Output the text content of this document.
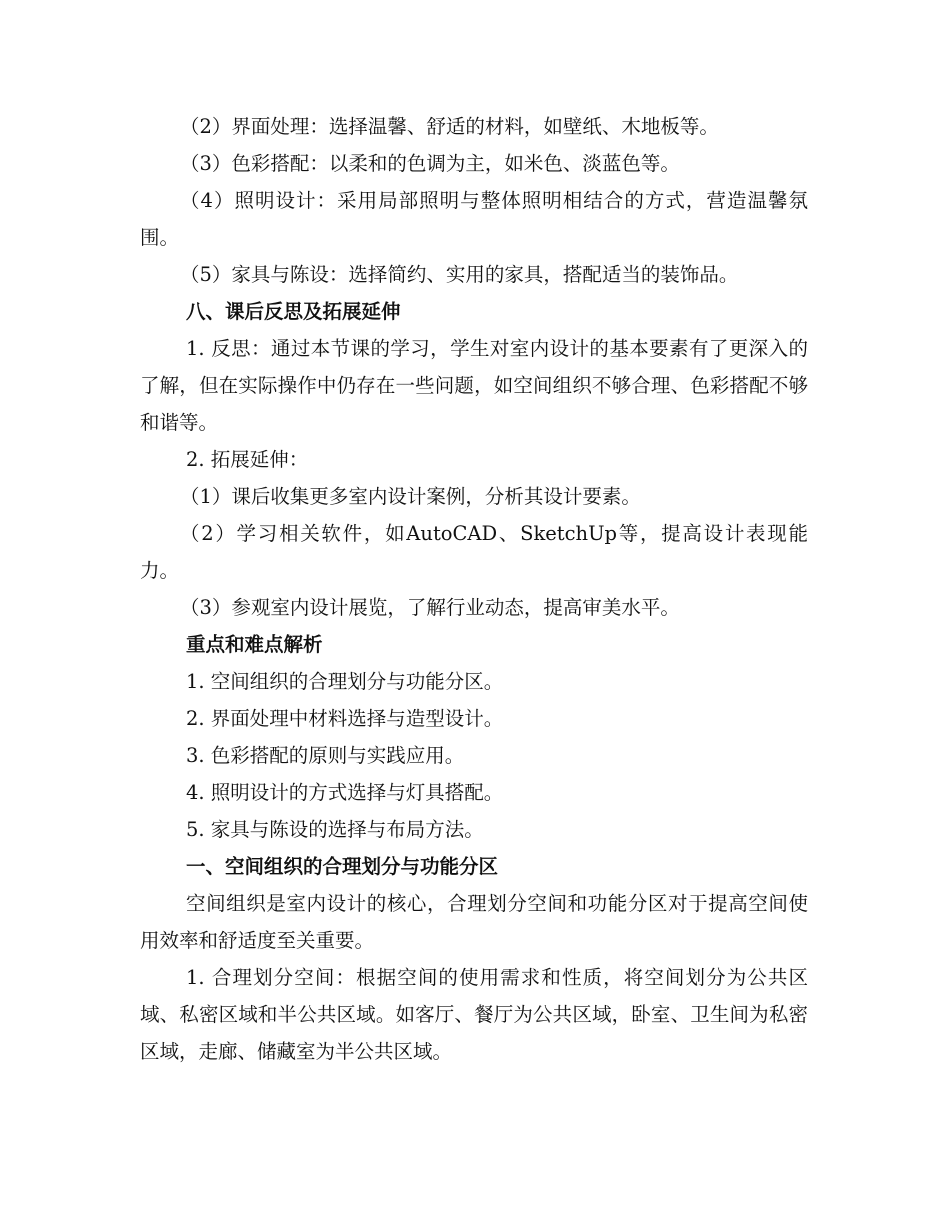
（2）界面处理：选择温馨、舒适的材料，如壁纸、木地板等。

（3）色彩搭配：以柔和的色调为主，如米色、淡蓝色等。

（4）照明设计：采用局部照明与整体照明相结合的方式，营造温馨氛围。

（5）家具与陈设：选择简约、实用的家具，搭配适当的装饰品。

八、课后反思及拓展延伸

1. 反思：通过本节课的学习，学生对室内设计的基本要素有了更深入的了解，但在实际操作中仍存在一些问题，如空间组织不够合理、色彩搭配不够和谐等。

2. 拓展延伸：

（1）课后收集更多室内设计案例，分析其设计要素。

（2）学习相关软件，如AutoCAD、SketchUp等，提高设计表现能力。

（3）参观室内设计展览，了解行业动态，提高审美水平。

重点和难点解析

1. 空间组织的合理划分与功能分区。

2. 界面处理中材料选择与造型设计。

3. 色彩搭配的原则与实践应用。

4. 照明设计的方式选择与灯具搭配。

5. 家具与陈设的选择与布局方法。

一、空间组织的合理划分与功能分区

空间组织是室内设计的核心，合理划分空间和功能分区对于提高空间使用效率和舒适度至关重要。

1. 合理划分空间：根据空间的使用需求和性质，将空间划分为公共区域、私密区域和半公共区域。如客厅、餐厅为公共区域，卧室、卫生间为私密区域，走廊、储藏室为半公共区域。
